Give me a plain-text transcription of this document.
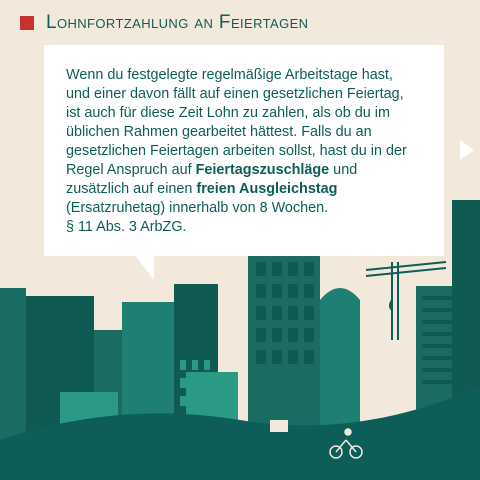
Lohnfortzahlung an Feiertagen
Wenn du festgelegte regelmäßige Arbeitstage hast, und einer davon fällt auf einen gesetzlichen Feiertag, ist auch für diese Zeit Lohn zu zahlen, als ob du im üblichen Rahmen gearbeitet hättest. Falls du an gesetzlichen Feiertagen arbeiten sollst, hast du in der Regel Anspruch auf Feiertagszuschläge und zusätzlich auf einen freien Ausgleichstag (Ersatzruhetag) innerhalb von 8 Wochen.
§ 11 Abs. 3 ArbZG.
